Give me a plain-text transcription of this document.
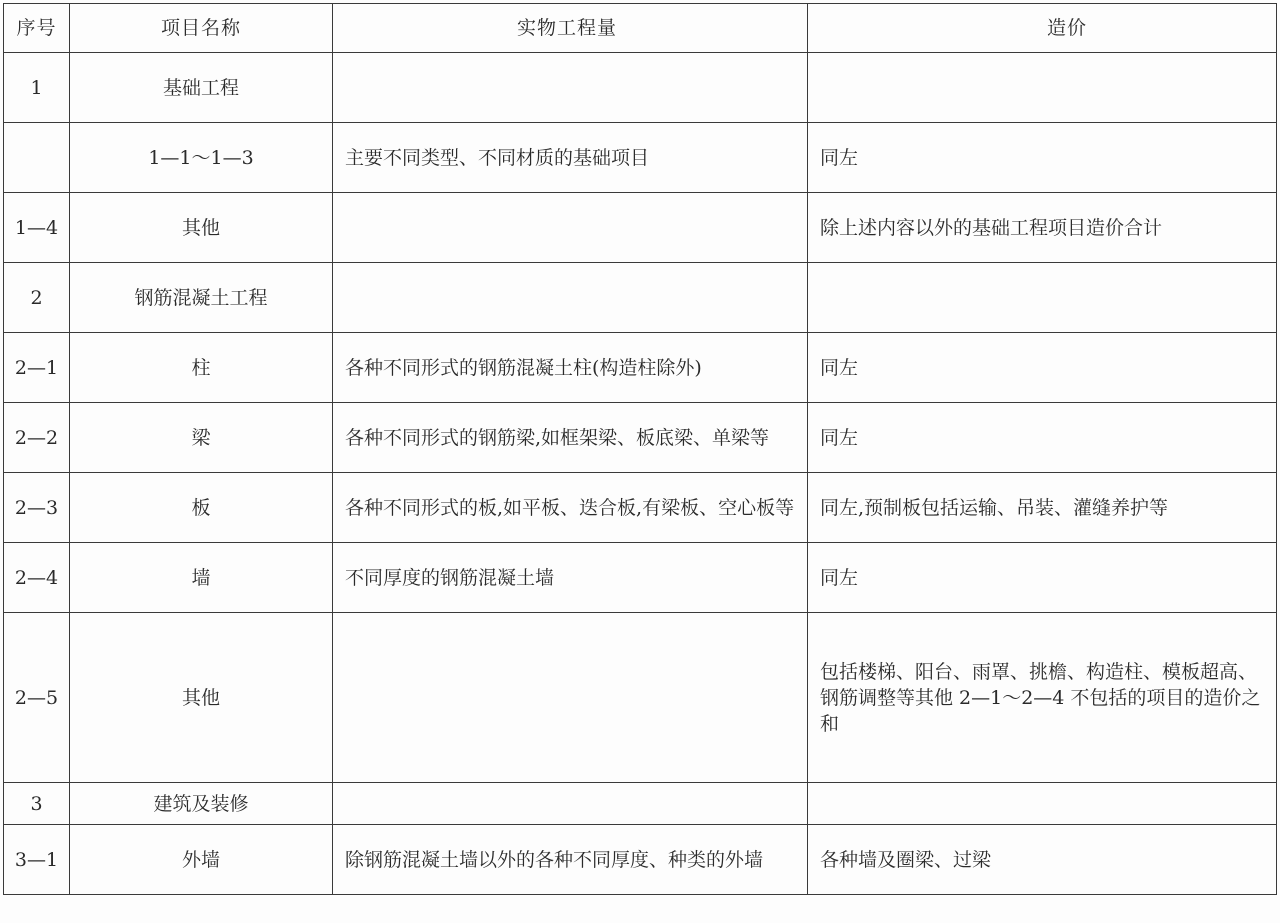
序号	项目名称	实物工程量	造价
1	基础工程		
	1—1～1—3	主要不同类型、不同材质的基础项目	同左
1—4	其他		除上述内容以外的基础工程项目造价合计
2	钢筋混凝土工程		
2—1	柱	各种不同形式的钢筋混凝土柱(构造柱除外)	同左
2—2	梁	各种不同形式的钢筋梁,如框架梁、板底梁、单梁等	同左
2—3	板	各种不同形式的板,如平板、迭合板,有梁板、空心板等	同左,预制板包括运输、吊装、灌缝养护等
2—4	墙	不同厚度的钢筋混凝土墙	同左
2—5	其他		包括楼梯、阳台、雨罩、挑檐、构造柱、模板超高、钢筋调整等其他 2—1～2—4 不包括的项目的造价之和
3	建筑及装修		
3—1	外墙	除钢筋混凝土墙以外的各种不同厚度、种类的外墙	各种墙及圈梁、过梁
